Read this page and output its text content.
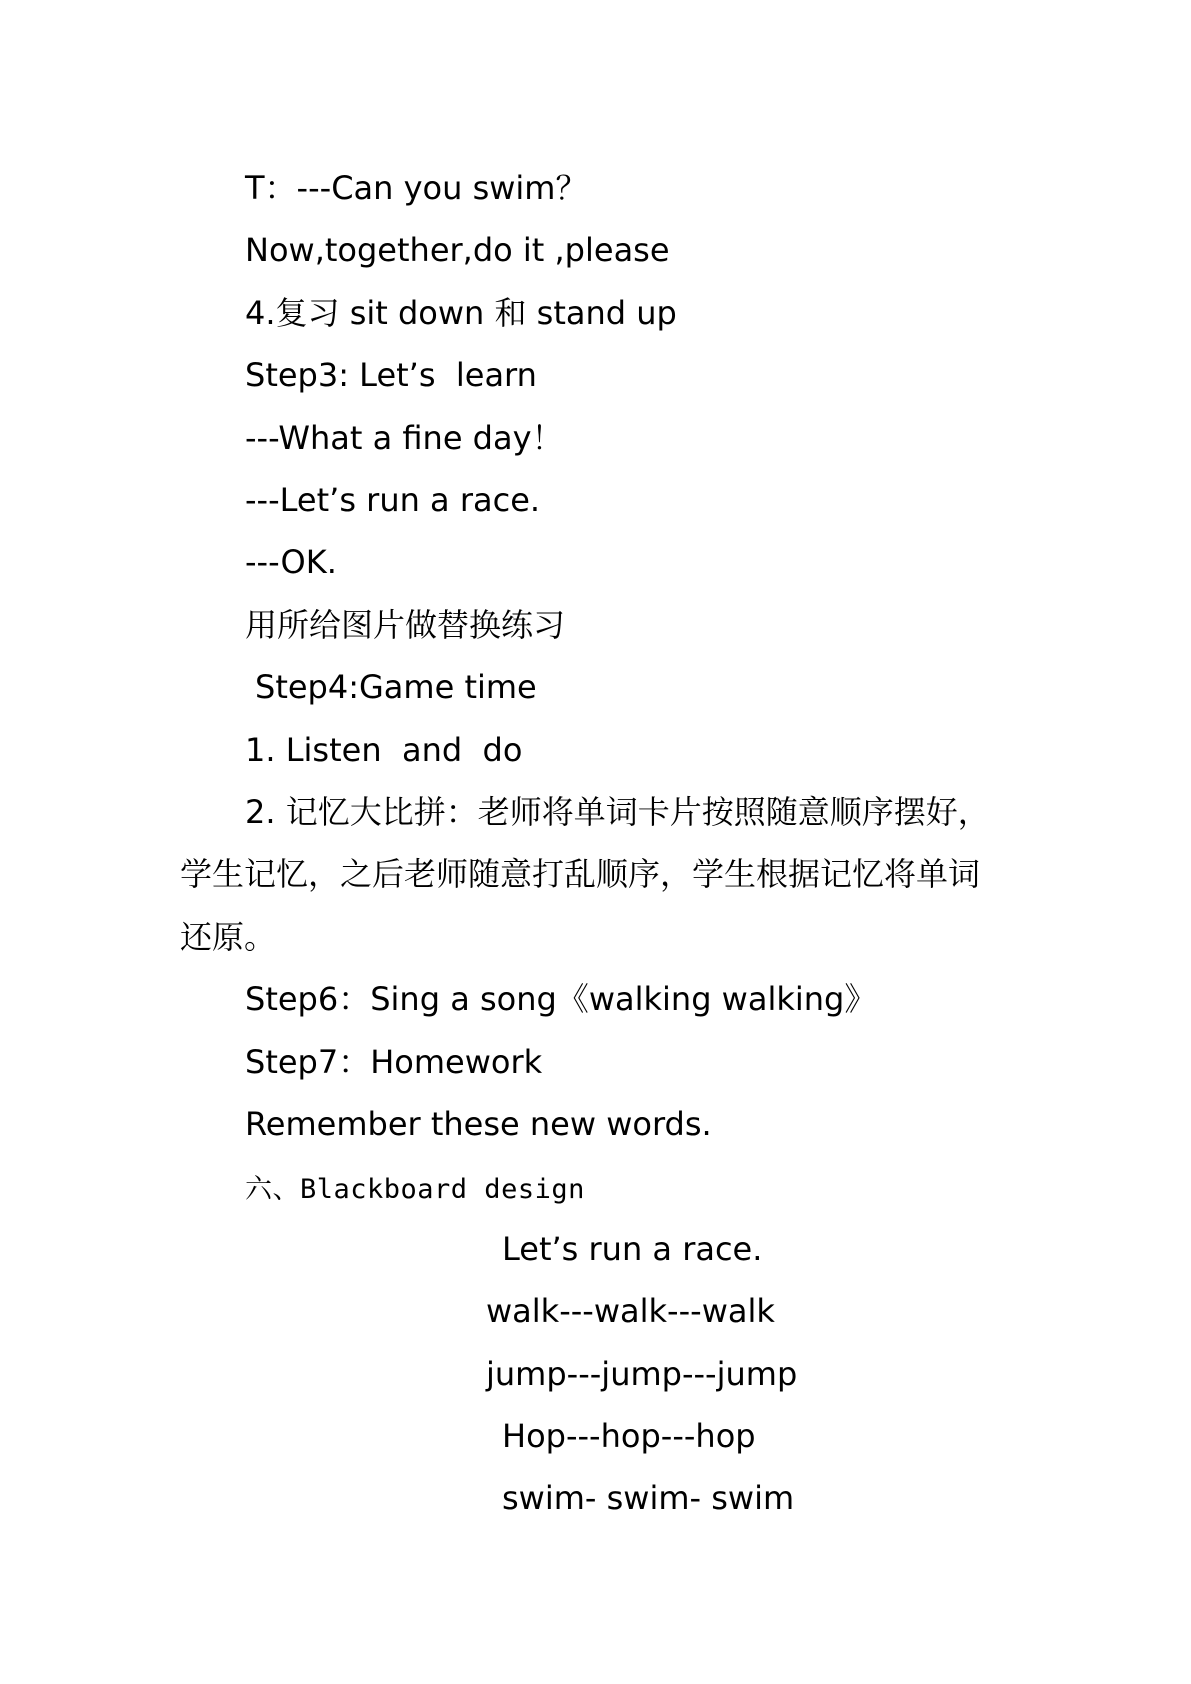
T：---Can you swim？
Now,together,do it ,please
4.复习 sit down 和 stand up
Step3: Let’s  learn
---What a fine day！
---Let’s run a race.
---OK.
用所给图片做替换练习
Step4:Game time
1. Listen  and  do
2. 记忆大比拼：老师将单词卡片按照随意顺序摆好，
学生记忆，之后老师随意打乱顺序，学生根据记忆将单词
还原。
Step6：Sing a song《walking walking》
Step7：Homework
Remember these new words.
六、Blackboard design
Let’s run a race.
walk---walk---walk
jump---jump---jump
Hop---hop---hop
swim- swim- swim
